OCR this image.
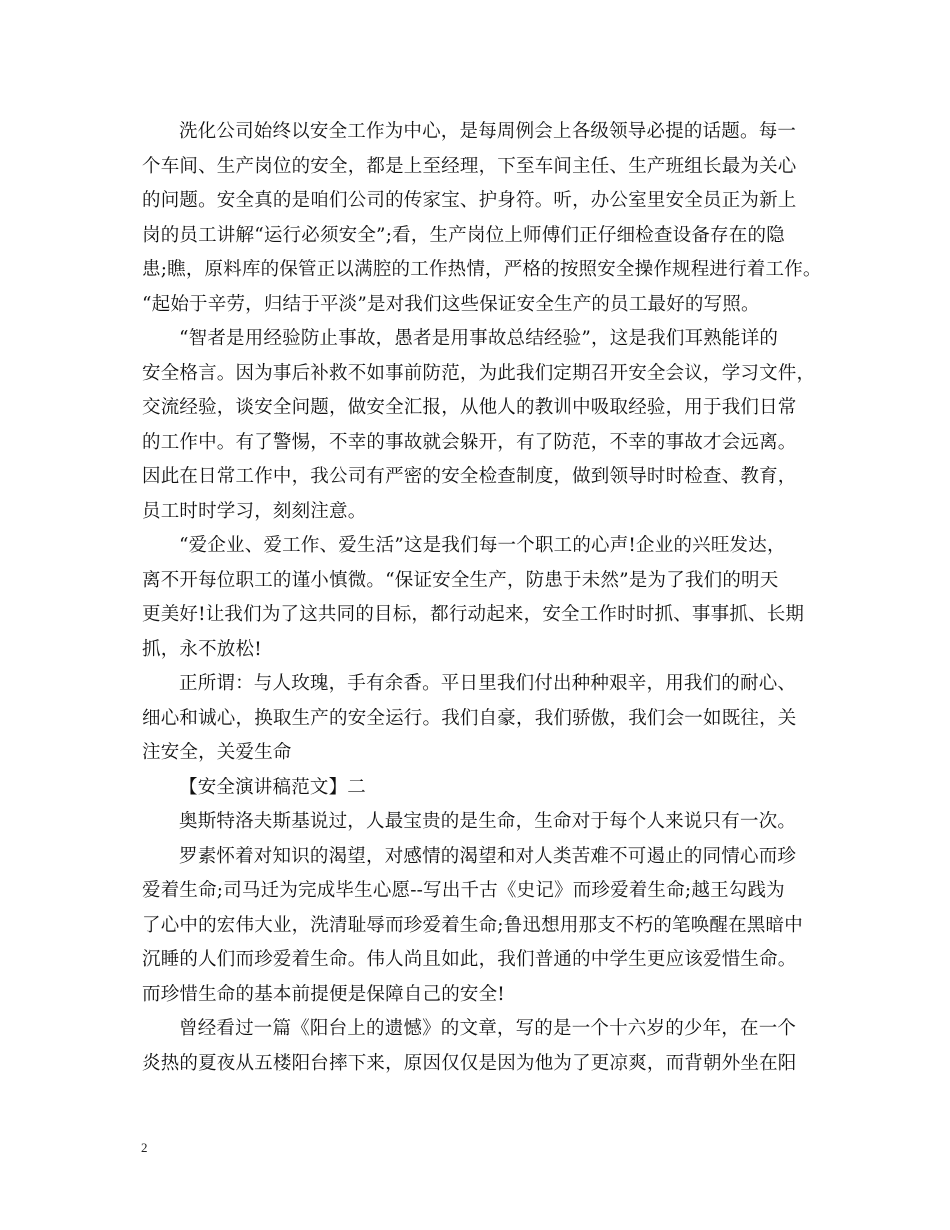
洗化公司始终以安全工作为中心，是每周例会上各级领导必提的话题。每一
个车间、生产岗位的安全，都是上至经理，下至车间主任、生产班组长最为关心
的问题。安全真的是咱们公司的传家宝、护身符。听，办公室里安全员正为新上
岗的员工讲解“运行必须安全”;看，生产岗位上师傅们正仔细检查设备存在的隐
患;瞧，原料库的保管正以满腔的工作热情，严格的按照安全操作规程进行着工作。
“起始于辛劳，归结于平淡”是对我们这些保证安全生产的员工最好的写照。
“智者是用经验防止事故，愚者是用事故总结经验”，这是我们耳熟能详的
安全格言。因为事后补救不如事前防范，为此我们定期召开安全会议，学习文件，
交流经验，谈安全问题，做安全汇报，从他人的教训中吸取经验，用于我们日常
的工作中。有了警惕，不幸的事故就会躲开，有了防范，不幸的事故才会远离。
因此在日常工作中，我公司有严密的安全检查制度，做到领导时时检查、教育，
员工时时学习，刻刻注意。
“爱企业、爱工作、爱生活”这是我们每一个职工的心声!企业的兴旺发达，
离不开每位职工的谨小慎微。“保证安全生产，防患于未然”是为了我们的明天
更美好!让我们为了这共同的目标，都行动起来，安全工作时时抓、事事抓、长期
抓，永不放松!
正所谓：与人玫瑰，手有余香。平日里我们付出种种艰辛，用我们的耐心、
细心和诚心，换取生产的安全运行。我们自豪，我们骄傲，我们会一如既往，关
注安全，关爱生命
【安全演讲稿范文】二
奥斯特洛夫斯基说过，人最宝贵的是生命，生命对于每个人来说只有一次。
罗素怀着对知识的渴望，对感情的渴望和对人类苦难不可遏止的同情心而珍
爱着生命;司马迁为完成毕生心愿--写出千古《史记》而珍爱着生命;越王勾践为
了心中的宏伟大业，洗清耻辱而珍爱着生命;鲁迅想用那支不朽的笔唤醒在黑暗中
沉睡的人们而珍爱着生命。伟人尚且如此，我们普通的中学生更应该爱惜生命。
而珍惜生命的基本前提便是保障自己的安全!
曾经看过一篇《阳台上的遗憾》的文章，写的是一个十六岁的少年，在一个
炎热的夏夜从五楼阳台摔下来，原因仅仅是因为他为了更凉爽，而背朝外坐在阳
2
